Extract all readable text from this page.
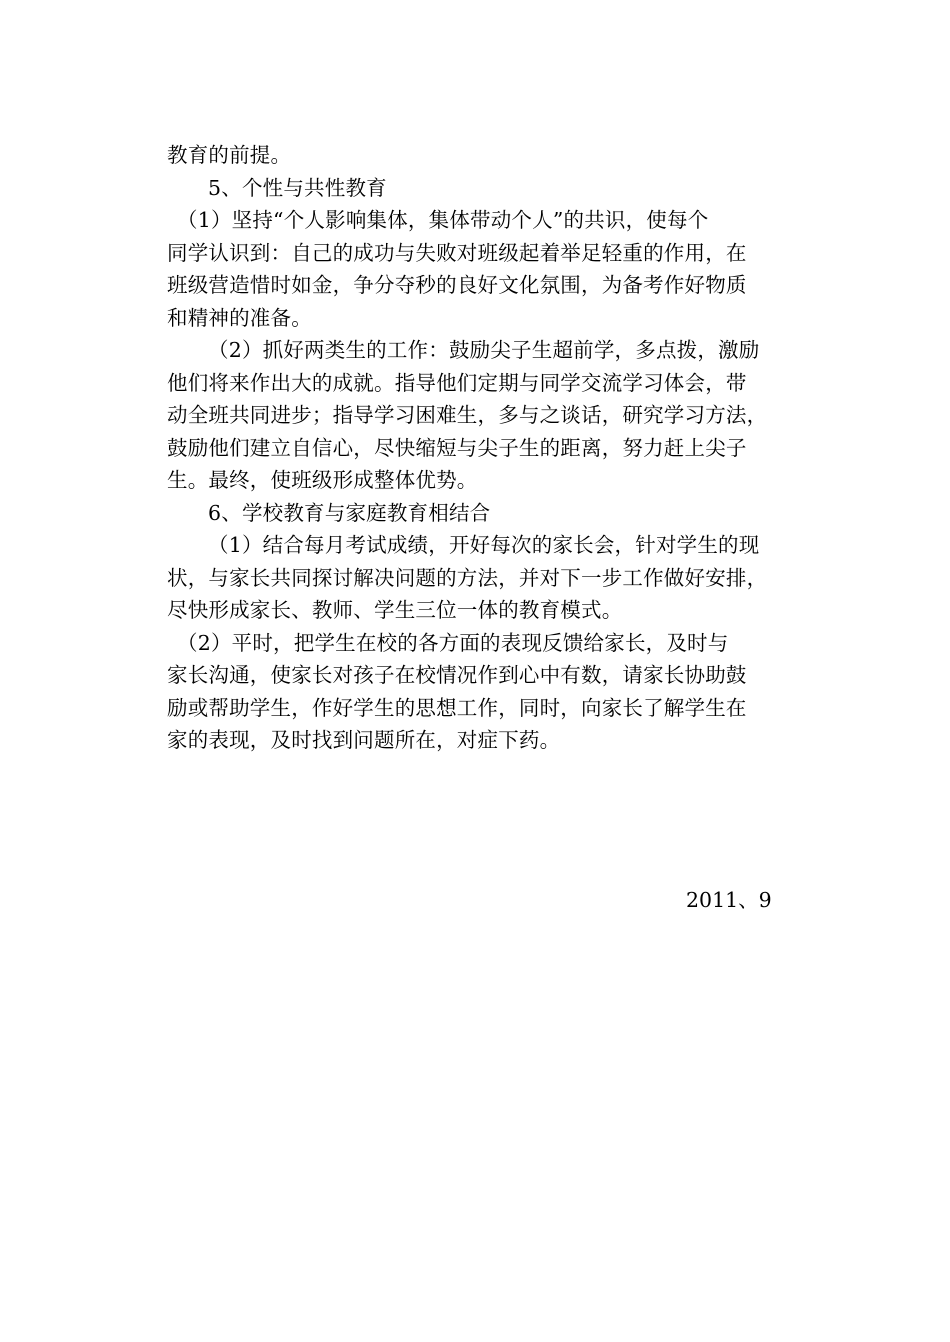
教育的前提。
5、个性与共性教育
（1）坚持“个人影响集体，集体带动个人”的共识，使每个
同学认识到：自己的成功与失败对班级起着举足轻重的作用，在
班级营造惜时如金，争分夺秒的良好文化氛围，为备考作好物质
和精神的准备。
（2）抓好两类生的工作：鼓励尖子生超前学，多点拨，激励
他们将来作出大的成就。指导他们定期与同学交流学习体会，带
动全班共同进步；指导学习困难生，多与之谈话，研究学习方法，
鼓励他们建立自信心，尽快缩短与尖子生的距离，努力赶上尖子
生。最终，使班级形成整体优势。
6、学校教育与家庭教育相结合
（1）结合每月考试成绩，开好每次的家长会，针对学生的现
状，与家长共同探讨解决问题的方法，并对下一步工作做好安排，
尽快形成家长、教师、学生三位一体的教育模式。
（2）平时，把学生在校的各方面的表现反馈给家长，及时与
家长沟通，使家长对孩子在校情况作到心中有数，请家长协助鼓
励或帮助学生，作好学生的思想工作，同时，向家长了解学生在
家的表现，及时找到问题所在，对症下药。
2011、9
